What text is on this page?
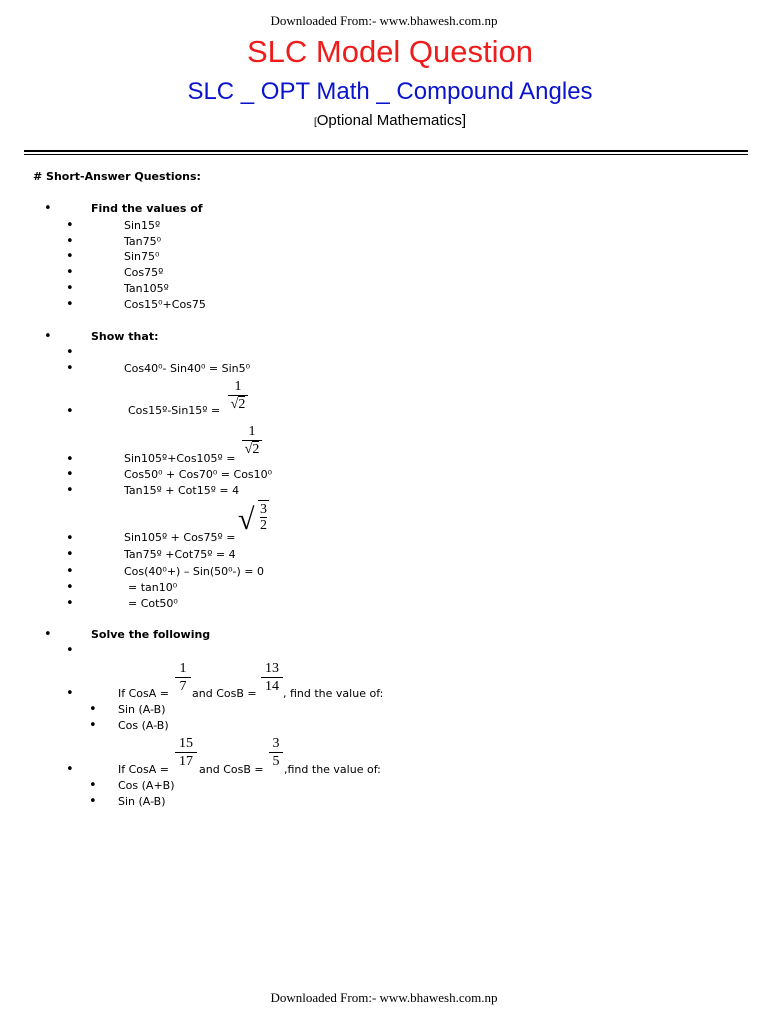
Downloaded From:- www.bhawesh.com.np
SLC Model Question
SLC _ OPT Math _ Compound Angles
[Optional Mathematics]
# Short-Answer Questions:
•	Find the values of
•	Sin15º
•	Tan75⁰
•	Sin75⁰
•	Cos75º
•	Tan105º
•	Cos15⁰+Cos75
•	Show that:
•
•	Cos40⁰- Sin40⁰ = Sin5⁰
•	Cos15º-Sin15º =
1
√2
•	Sin105º+Cos105º =
1
√2
•	Cos50⁰ + Cos70⁰ = Cos10⁰
•	Tan15º + Cot15º = 4
•	Sin105º + Cos75º =
√ $\frac{3}{2}$
•	Tan75º +Cot75º = 4
•	Cos(40⁰+) – Sin(50⁰-) = 0
•	= tan10⁰
•	= Cot50⁰
•	Solve the following
•
•	If CosA =
1
7 and CosB =
13
14 , find the value of:
• Sin (A-B)
• Cos (A-B)
•	If CosA =
15
17
and CosB =
3
5
,find the value of:
• Cos (A+B)
• Sin (A-B)
Downloaded From:- www.bhawesh.com.np
